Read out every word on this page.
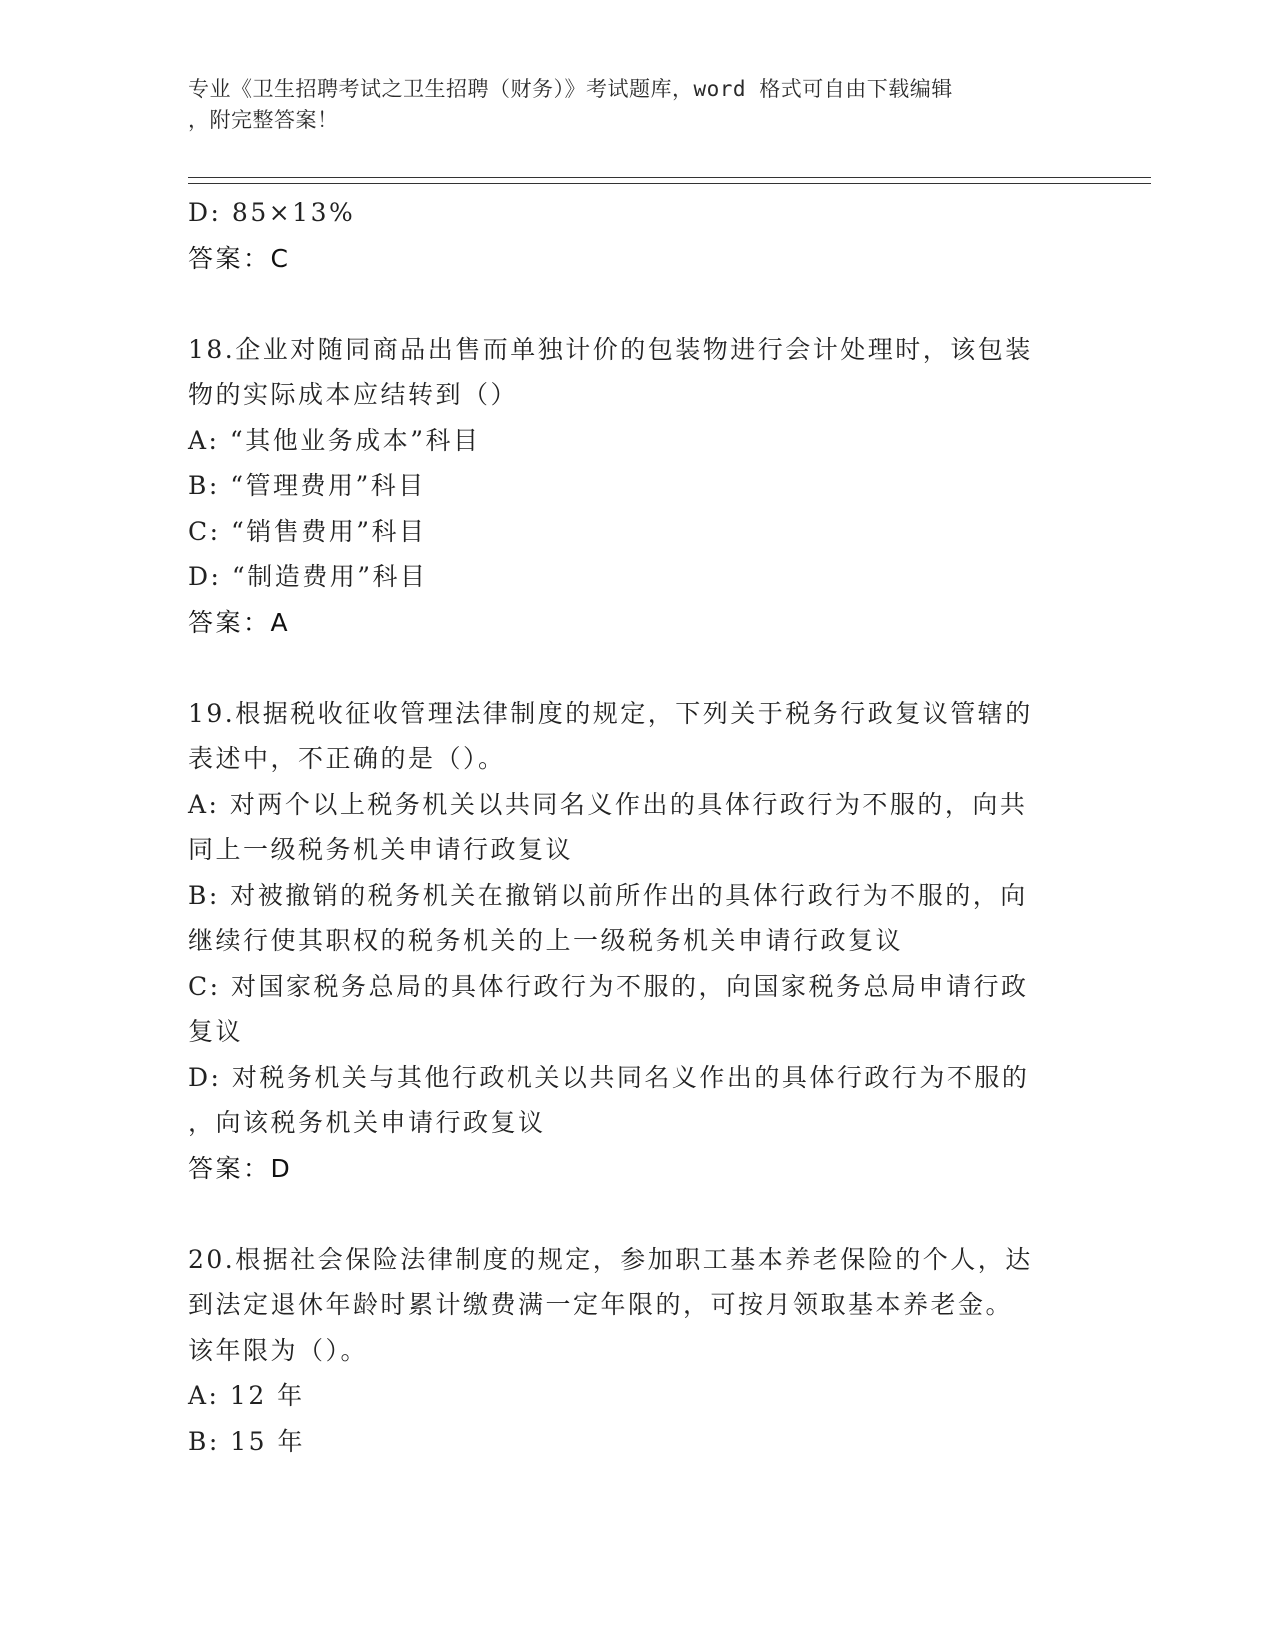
专业《卫生招聘考试之卫生招聘（财务）》考试题库，word 格式可自由下载编辑
，附完整答案！
D: 85×13%
答案：C
18.企业对随同商品出售而单独计价的包装物进行会计处理时，该包装
物的实际成本应结转到（）
A: “其他业务成本”科目
B: “管理费用”科目
C: “销售费用”科目
D: “制造费用”科目
答案：A
19.根据税收征收管理法律制度的规定，下列关于税务行政复议管辖的
表述中，不正确的是（）。
A: 对两个以上税务机关以共同名义作出的具体行政行为不服的，向共
同上一级税务机关申请行政复议
B: 对被撤销的税务机关在撤销以前所作出的具体行政行为不服的，向
继续行使其职权的税务机关的上一级税务机关申请行政复议
C: 对国家税务总局的具体行政行为不服的，向国家税务总局申请行政
复议
D: 对税务机关与其他行政机关以共同名义作出的具体行政行为不服的
，向该税务机关申请行政复议
答案：D
20.根据社会保险法律制度的规定，参加职工基本养老保险的个人，达
到法定退休年龄时累计缴费满一定年限的，可按月领取基本养老金。
该年限为（）。
A: 12 年
B: 15 年
